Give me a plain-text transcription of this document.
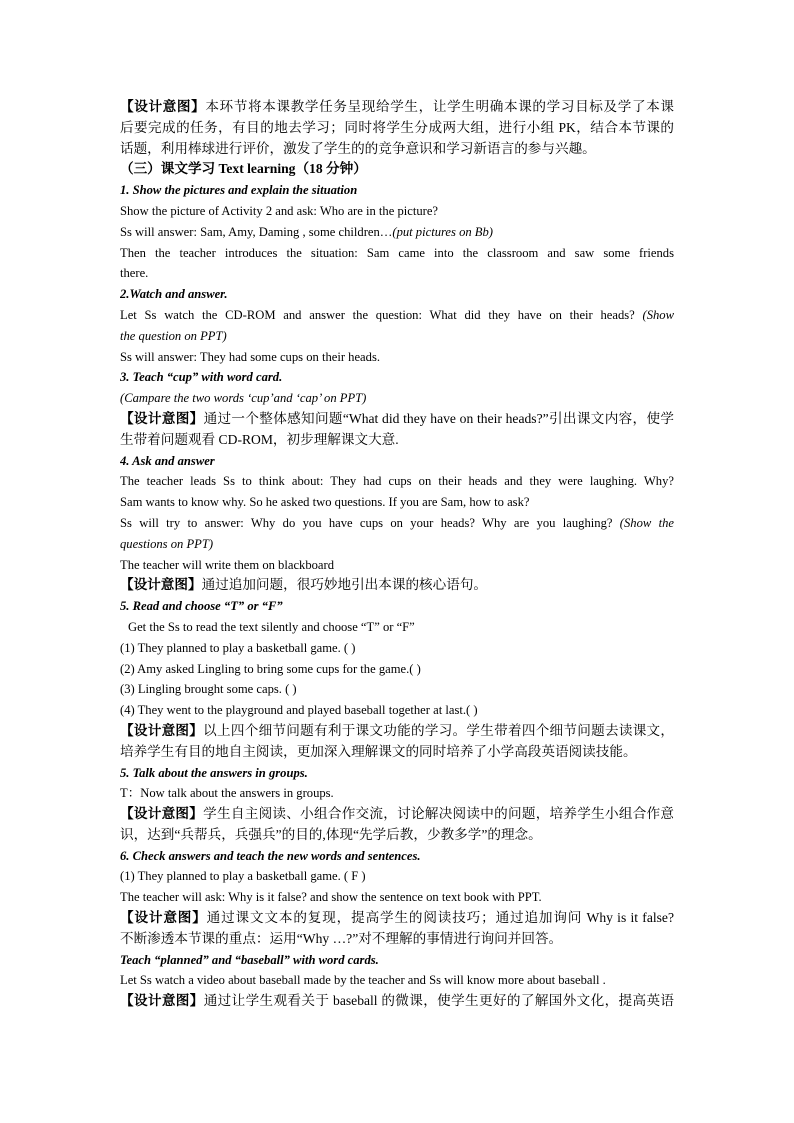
【设计意图】本环节将本课教学任务呈现给学生，让学生明确本课的学习目标及学了本课
后要完成的任务，有目的地去学习；同时将学生分成两大组，进行小组 PK，结合本节课的
话题，利用棒球进行评价，激发了学生的的竞争意识和学习新语言的参与兴趣。
（三）课文学习 Text learning（18 分钟）
1. Show the pictures and explain the situation
Show the picture of Activity 2 and ask: Who are in the picture?
Ss will answer: Sam, Amy, Daming , some children…(put pictures on Bb)
Then the teacher introduces the situation: Sam came into the classroom and saw some friends
there.
2.Watch and answer.
Let Ss watch the CD-ROM and answer the question: What did they have on their heads? (Show
the question on PPT)
Ss will answer: They had some cups on their heads.
3. Teach “cup” with word card.
(Campare the two words ‘cup’and ‘cap’ on PPT)
【设计意图】通过一个整体感知问题“What did they have on their heads?”引出课文内容，使学
生带着问题观看 CD-ROM，初步理解课文大意.
4. Ask and answer
The teacher leads Ss to think about: They had cups on their heads and they were laughing. Why?
Sam wants to know why. So he asked two questions. If you are Sam, how to ask?
Ss will try to answer: Why do you have cups on your heads? Why are you laughing? (Show the
questions on PPT)
The teacher will write them on blackboard
【设计意图】通过追加问题，很巧妙地引出本课的核心语句。
5. Read and choose “T” or “F”
Get the Ss to read the text silently and choose “T” or “F”
(1) They planned to play a basketball game. ( )
(2) Amy asked Lingling to bring some cups for the game.( )
(3) Lingling brought some caps. ( )
(4) They went to the playground and played baseball together at last.( )
【设计意图】以上四个细节问题有利于课文功能的学习。学生带着四个细节问题去读课文，
培养学生有目的地自主阅读，更加深入理解课文的同时培养了小学高段英语阅读技能。
5. Talk about the answers in groups.
T：Now talk about the answers in groups.
【设计意图】学生自主阅读、小组合作交流，讨论解决阅读中的问题，培养学生小组合作意
识，达到“兵帮兵，兵强兵”的目的,体现“先学后教，少教多学”的理念。
6. Check answers and teach the new words and sentences.
(1) They planned to play a basketball game. ( F )
The teacher will ask: Why is it false? and show the sentence on text book with PPT.
【设计意图】通过课文文本的复现，提高学生的阅读技巧；通过追加询问 Why is it false?
不断渗透本节课的重点：运用“Why …?”对不理解的事情进行询问并回答。
Teach “planned” and “baseball” with word cards.
Let Ss watch a video about baseball made by the teacher and Ss will know more about baseball .
【设计意图】通过让学生观看关于 baseball 的微课，使学生更好的了解国外文化，提高英语
